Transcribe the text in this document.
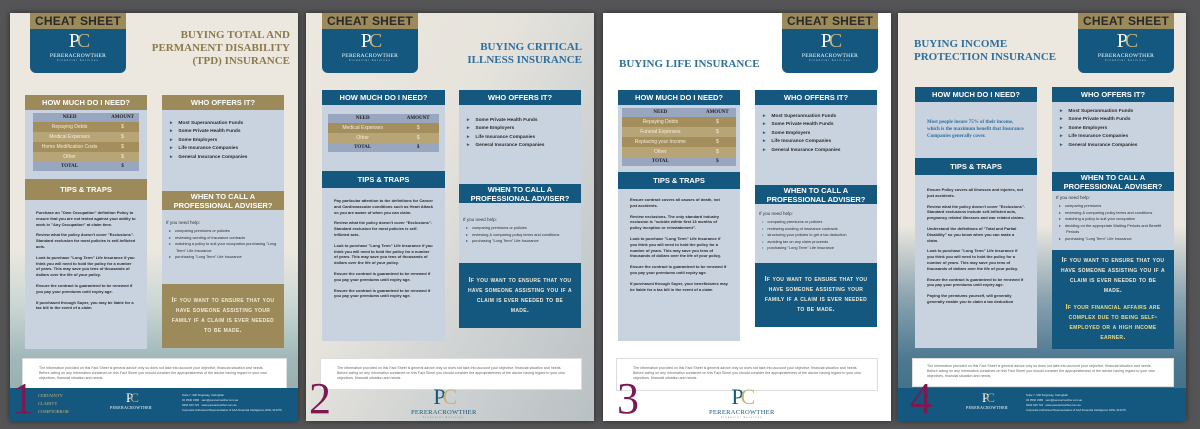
CHEAT SHEET
PC
PERERACROWTHER
Financial Services
BUYING TOTAL AND PERMANENT DISABILITY (TPD) INSURANCE
HOW MUCH DO I NEED?
NEED	AMOUNT
Repaying Debts	$
Medical Expenses	$
Home Modification Costs	$
Other	$
TOTAL	$
TIPS & TRAPS

Purchase an "Own Occupation" definition Policy to ensure that you are not tested against your ability to work in "Any Occupation" at claim time.

Review what the policy doesn't cover "Exclusions". Standard exclusion for most policies is self-inflicted acts.

Look to purchase "Long Term" Life Insurance if you think you will need to hold the policy for a number of years. This may save you tens of thousands of dollars over the life of your policy.

Ensure the contract is guaranteed to be renewed if you pay your premiums until expiry age.

If purchased through Super, you may be liable for a tax bill in the event of a claim

WHO OFFERS IT?
▸ Most Superannuation Funds
▸ Some Private Health Funds
▸ Some Employers
▸ Life Insurance Companies
▸ General Insurance Companies
WHEN TO CALL A PROFESSIONAL ADVISER?
If you need help:
▸ comparing premiums or policies
▸ reviewing wording of insurance contracts
▸ matching a policy to suit your occupation purchasing "Long Term" Life Insurance
▸ purchasing "Long Term" Life Insurance
If you want to ensure that you have someone assisting your family if a claim is ever needed to be made.
The information provided on this Fact Sheet is general advice only so does not take into account your objective, financial situation and needs. Before acting on any information contained on this Fact Sheet you should consider the appropriateness of the advice having regard to your own objectives, financial situation and needs.
CERTAINTY
CLARITY
COMPTORROR
PC
PERERACROWTHER
Suite 7, 300 Kingsway, Caringbah
02 9540 3380 sam@pereracrowther.com.au
0404 640 723 www.pereracrowther.com.au
Corporate Authorised Representative of AAA Financial Intelligence AFSL 313479
1
CHEAT SHEET
PC
PERERACROWTHER
Financial Services
BUYING CRITICAL ILLNESS INSURANCE
HOW MUCH DO I NEED?
NEED	AMOUNT
Medical Expenses	$
Other	$
TOTAL	$
TIPS & TRAPS

Pay particular attention to the definitions for Cancer and Cardiovascular conditions such as Heart Attack so you are aware of when you can claim.

Review what the policy doesn't cover "Exclusions". Standard exclusion for most policies is self-inflicted acts.

Look to purchase "Long Term" Life Insurance if you think you will need to hold the policy for a number of years. This may save you tens of thousands of dollars over the life of your policy.

Ensure the contract is guaranteed to be renewed if you pay your premiums until expiry age.

Ensure the contract is guaranteed to be renewed if you pay your premiums until expiry age.

WHO OFFERS IT?
▸ Some Private Health Funds
▸ Some Employers
▸ Life Insurance Companies
▸ General Insurance Companies
WHEN TO CALL A PROFESSIONAL ADVISER?
If you need help:
▸ comparing premiums or policies
▸ reviewing & comparing policy terms and conditions
▸ purchasing "Long Term" Life Insurance
If you want to ensure that you have someone assisting you if a claim is ever needed to be made.
The information provided on this Fact Sheet is general advice only so does not take into account your objective, financial situation and needs. Before acting on any information contained on this Fact Sheet you should consider the appropriateness of the advice having regard to your own objectives, financial situation and needs.
PC
PERERACROWTHER
Financial Services
2
BUYING LIFE INSURANCE
CHEAT SHEET
PC
PERERACROWTHER
Financial Services
HOW MUCH DO I NEED?
NEED	AMOUNT
Repaying Debts	$
Funeral Expenses	$
Replacing your Income	$
Other	$
TOTAL	$
TIPS & TRAPS

Ensure contract covers all causes of death, not just accidents.

Review exclusions. The only standard industry exclusion is "suicide within first 13 months of policy inception or reinstatement".

Look to purchase "Long Term" Life Insurance if you think you will need to hold the policy for a number of years. This may save you tens of thousands of dollars over the life of your policy.

Ensure the contract is guaranteed to be renewed if you pay your premiums until expiry age.

If purchased through Super, your beneficiaries may be liable for a tax bill in the event of a claim

WHO OFFERS IT?
▸ Most Superannuation Funds
▸ Some Private Health Funds
▸ Some Employers
▸ Life Insurance Companies
▸ General Insurance Companies
WHEN TO CALL A PROFESSIONAL ADVISER?
If you need help:
• comparing premiums or policies
• reviewing wording of insurance contracts
• structuring your policies to get a tax deduction
• avoiding tax on any claim proceeds
• purchasing "Long Term" Life Insurance
If you want to ensure that you have someone assisting your family if a claim is ever needed to be made.
The information provided on this Fact Sheet is general advice only so does not take into account your objective, financial situation and needs. Before acting on any information contained on this Fact Sheet you should consider the appropriateness of the advice having regard to your own objectives, financial situation and needs.
PC
PERERACROWTHER
Financial Services
3
BUYING INCOME PROTECTION INSURANCE
CHEAT SHEET
PC
PERERACROWTHER
Financial Services
HOW MUCH DO I NEED?
Most people insure 75% of their income, which is the maximum benefit that Insurance Companies generally cover.
TIPS & TRAPS

Ensure Policy covers all illnesses and injuries, not just accidents.

Review what the policy doesn't cover "Exclusions". Standard exclusions include self-inflicted acts, pregnancy related illnesses and war related claims.

Understand the definitions of "Total and Partial Disability" so you know when you can make a claim.

Look to purchase "Long Term" Life Insurance if you think you will need to hold the policy for a number of years. This may save you tens of thousands of dollars over the life of your policy.

Ensure the contract is guaranteed to be renewed if you pay your premiums until expiry age.

Paying the premiums yourself, will generally generally enable you to claim a tax deduction

WHO OFFERS IT?
▸ Most Superannuation Funds
▸ Some Private Health Funds
▸ Some Employers
▸ Life Insurance Companies
▸ General Insurance Companies
WHEN TO CALL A PROFESSIONAL ADVISER?
If you need help:
▸ comparing premiums
▸ reviewing & comparing policy terms and conditions
▸ matching a policy to suit your occupation
▸ deciding on the appropriate Waiting Periods and Benefit Periods
▸ purchasing "Long Term" Life Insurance
If you want to ensure that you have someone assisting you if a claim is ever needed to be made.
If your financial affairs are complex due to being self-employed or a high income earner.
The information provided on this Fact Sheet is general advice only so does not take into account your objective, financial situation and needs. Before acting on any information contained on this Fact Sheet you should consider the appropriateness of the advice having regard to your own objectives, financial situation and needs.
PC
PERERACROWTHER
Suite 7, 300 Kingsway, Caringbah
02 9540 3380 sam@pereracrowther.com.au
0404 640 723 www.pereracrowther.com.au
Corporate Authorised Representative of AAA Financial Intelligence AFSL 313479
4
